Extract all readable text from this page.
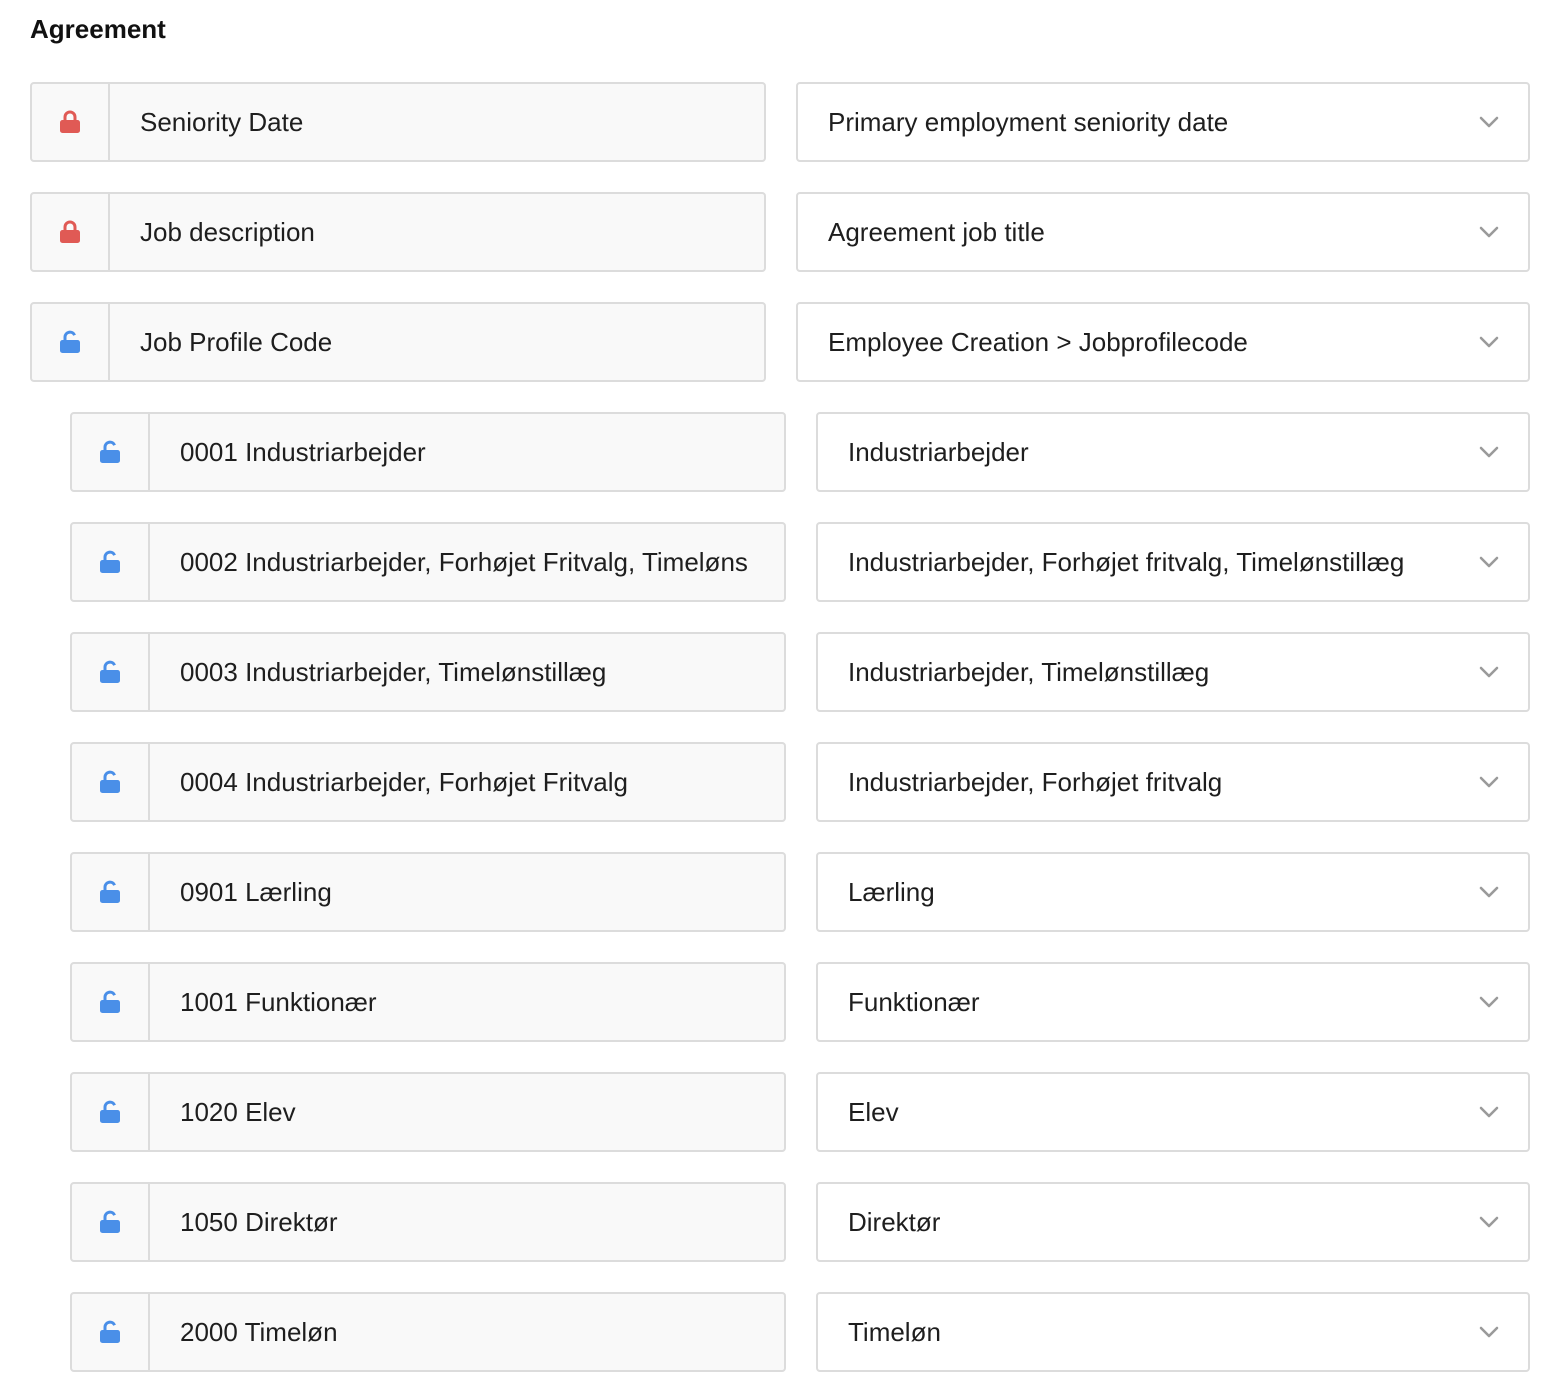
Agreement
Seniority Date	Primary employment seniority date
Job description	Agreement job title
Job Profile Code	Employee Creation > Jobprofilecode
0001 Industriarbejder	Industriarbejder
0002 Industriarbejder, Forhøjet Fritvalg, Timeløns	Industriarbejder, Forhøjet fritvalg, Timelønstillæg
0003 Industriarbejder, Timelønstillæg	Industriarbejder, Timelønstillæg
0004 Industriarbejder, Forhøjet Fritvalg	Industriarbejder, Forhøjet fritvalg
0901 Lærling	Lærling
1001 Funktionær	Funktionær
1020 Elev	Elev
1050 Direktør	Direktør
2000 Timeløn	Timeløn
